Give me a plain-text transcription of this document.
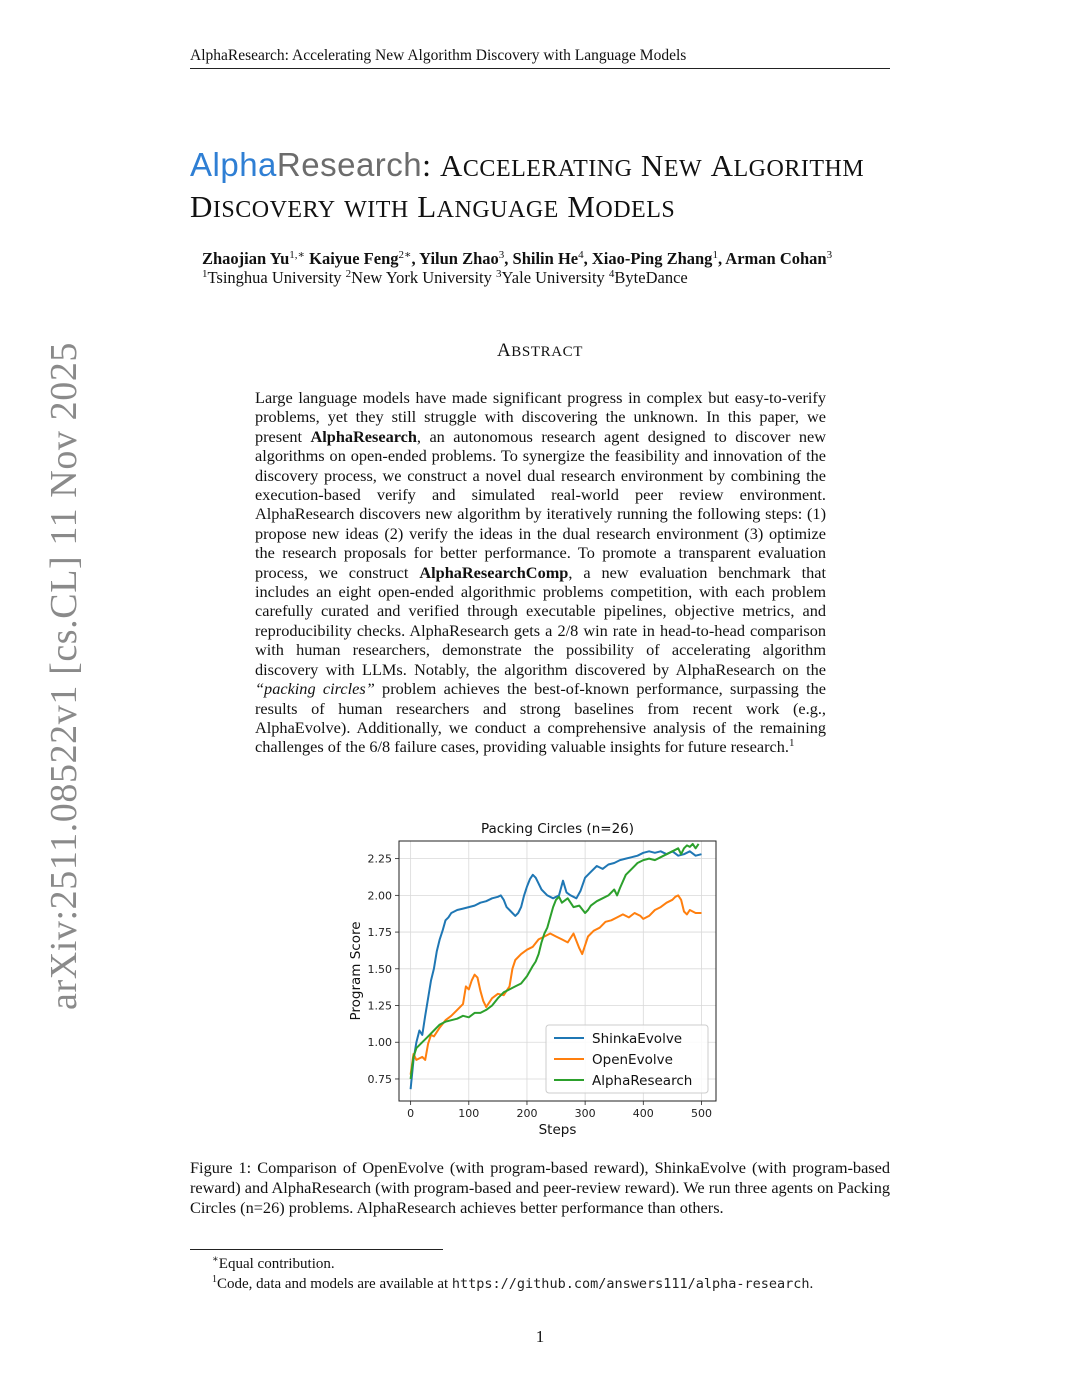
AlphaResearch: Accelerating New Algorithm Discovery with Language Models
AlphaResearch: ACCELERATING NEW ALGORITHM
DISCOVERY WITH LANGUAGE MODELS
Zhaojian $Yu^{1,∗}$ Kaiyue Feng$^{2∗}$, Yilun Zhao$^3$, Shilin He$^4$, Xiao-Ping Zhang$^1$, Arman Cohan$^3$
$^1$Tsinghua University $^2$New York University $^3$Yale University $^4$ByteDance
ABSTRACT
Large language models have made significant progress in complex but easy-to-verify problems, yet they still struggle with discovering the unknown. In this paper, we present AlphaResearch, an autonomous research agent designed to discover new algorithms on open-ended problems. To synergize the feasibility and innovation of the discovery process, we construct a novel dual research environment by combining the execution-based verify and simulated real-world peer review environment. AlphaResearch discovers new algorithm by iteratively running the following steps: (1) propose new ideas (2) verify the ideas in the dual research environment (3) optimize the research proposals for better performance. To promote a transparent evaluation process, we construct AlphaResearchComp, a new evaluation benchmark that includes an eight open-ended algorithmic problems competition, with each problem carefully curated and verified through executable pipelines, objective metrics, and reproducibility checks. AlphaResearch gets a 2/8 win rate in head-to-head comparison with human researchers, demonstrate the possibility of accelerating algorithm discovery with LLMs. Notably, the algorithm discovered by AlphaResearch on the “packing circles” problem achieves the best-of-known performance, surpassing the results of human researchers and strong baselines from recent work (e.g., AlphaEvolve). Additionally, we conduct a comprehensive analysis of the remaining challenges of the 6/8 failure cases, providing valuable insights for future research.$^1$
arXiv:2511.08522v1 [cs.CL] 11 Nov 2025
0	100	200	300	400	500
0.75
1.00
1.25
1.50
1.75
2.00
2.25
Packing Circles (n=26)
Steps
Program Score
ShinkaEvolve
OpenEvolve
AlphaResearch
Figure 1: Comparison of OpenEvolve (with program-based reward), ShinkaEvolve (with program-based reward) and AlphaResearch (with program-based and peer-review reward). We run three agents on Packing Circles (n=26) problems. AlphaResearch achieves better performance than others.
∗Equal contribution.
$^1$Code, data and models are available at https://github.com/answers111/alpha-research.
1
